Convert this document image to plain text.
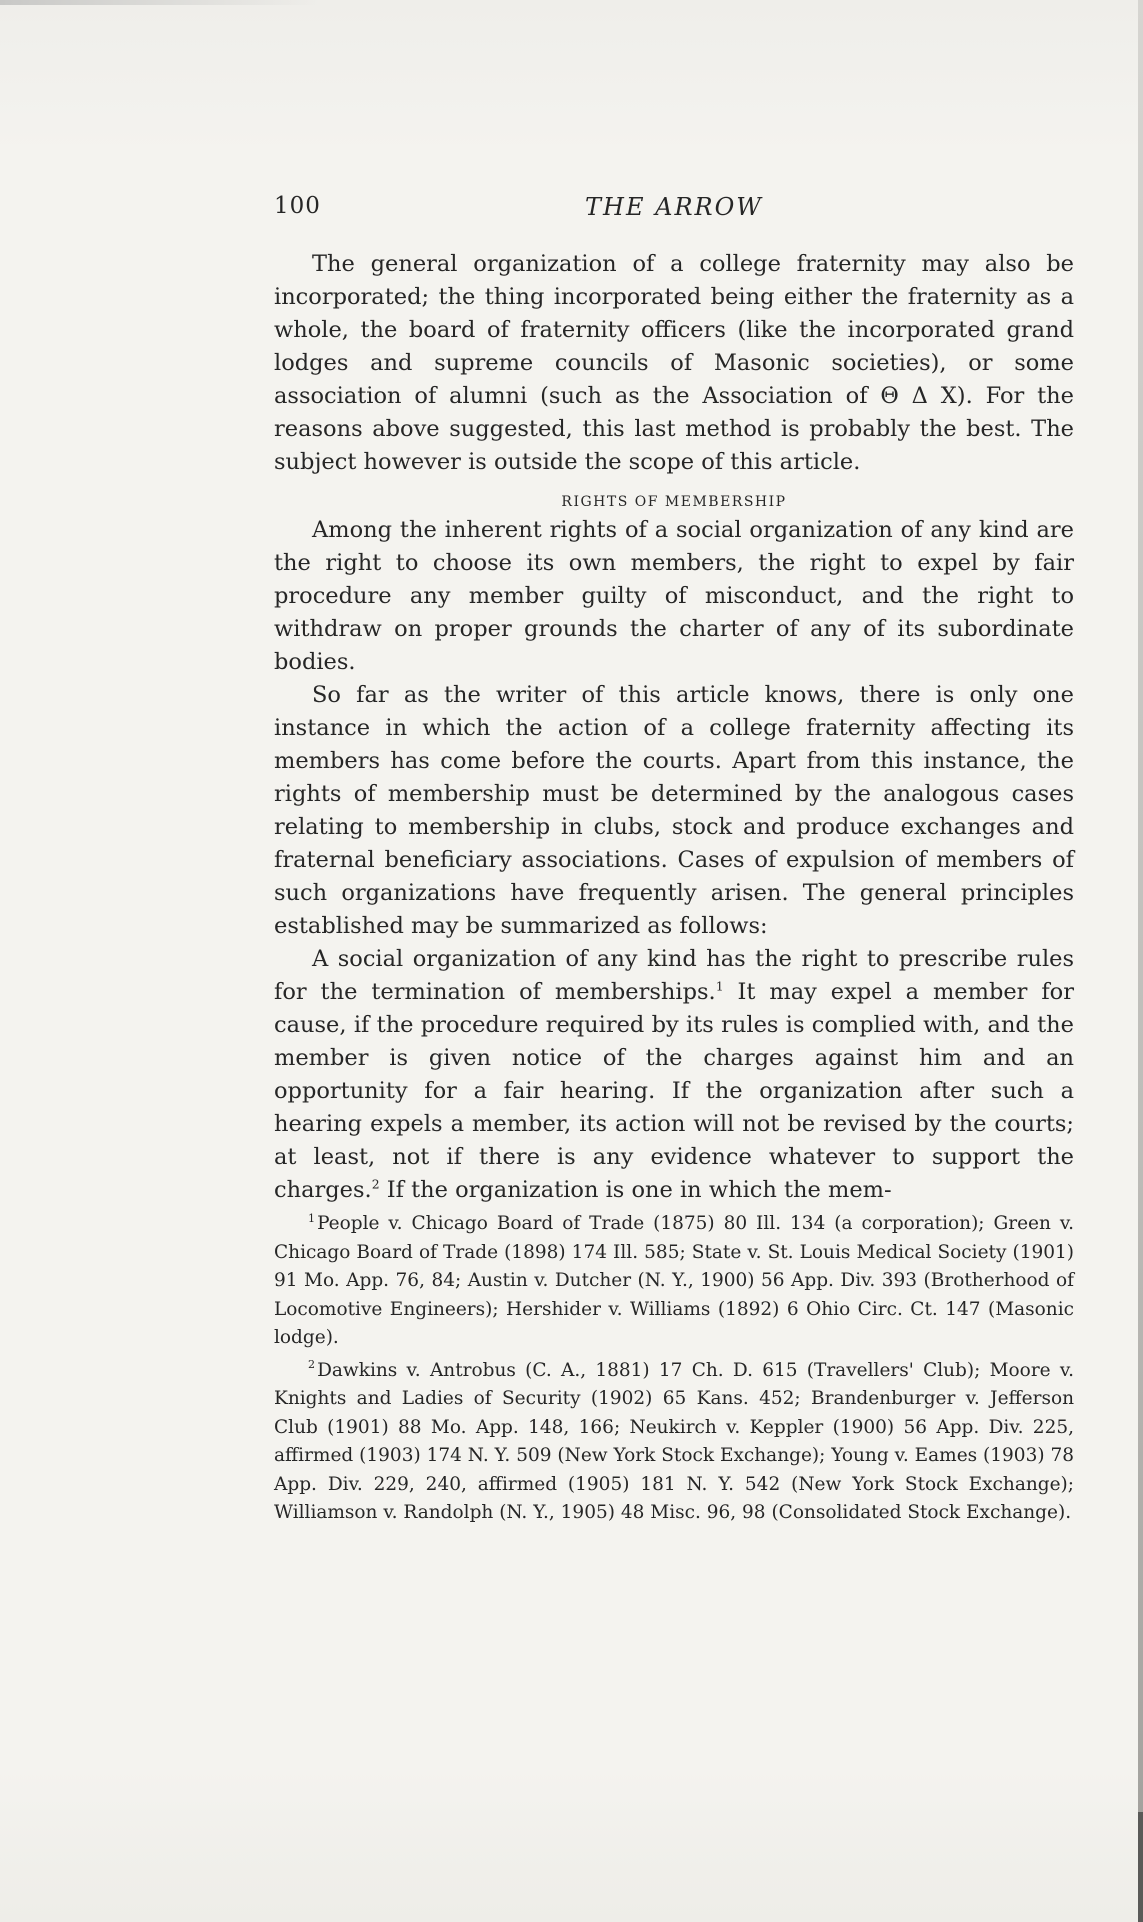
100	THE ARROW

The general organization of a college fraternity may also be incorporated; the thing incorporated being either the fraternity as a whole, the board of fraternity officers (like the incorporated grand lodges and supreme councils of Masonic societies), or some association of alumni (such as the Association of Θ Δ Χ). For the reasons above suggested, this last method is probably the best. The subject however is outside the scope of this article.

RIGHTS OF MEMBERSHIP

Among the inherent rights of a social organization of any kind are the right to choose its own members, the right to expel by fair procedure any member guilty of misconduct, and the right to withdraw on proper grounds the charter of any of its subordinate bodies.

So far as the writer of this article knows, there is only one instance in which the action of a college fraternity affecting its members has come before the courts. Apart from this instance, the rights of membership must be determined by the analogous cases relating to membership in clubs, stock and produce exchanges and fraternal beneficiary associations. Cases of expulsion of members of such organizations have frequently arisen. The general principles established may be summarized as follows:

A social organization of any kind has the right to prescribe rules for the termination of memberships.$^1$ It may expel a member for cause, if the procedure required by its rules is complied with, and the member is given notice of the charges against him and an opportunity for a fair hearing. If the organization after such a hearing expels a member, its action will not be revised by the courts; at least, not if there is any evidence whatever to support the charges.$^2$ If the organization is one in which the mem-

$^1$ People v. Chicago Board of Trade (1875) 80 Ill. 134 (a corporation); Green v. Chicago Board of Trade (1898) 174 Ill. 585; State v. St. Louis Medical Society (1901) 91 Mo. App. 76, 84; Austin v. Dutcher (N. Y., 1900) 56 App. Div. 393 (Brotherhood of Locomotive Engineers); Hershider v. Williams (1892) 6 Ohio Circ. Ct. 147 (Masonic lodge).

$^2$ Dawkins v. Antrobus (C. A., 1881) 17 Ch. D. 615 (Travellers' Club); Moore v. Knights and Ladies of Security (1902) 65 Kans. 452; Brandenburger v. Jefferson Club (1901) 88 Mo. App. 148, 166; Neukirch v. Keppler (1900) 56 App. Div. 225, affirmed (1903) 174 N. Y. 509 (New York Stock Exchange); Young v. Eames (1903) 78 App. Div. 229, 240, affirmed (1905) 181 N. Y. 542 (New York Stock Exchange); Williamson v. Randolph (N. Y., 1905) 48 Misc. 96, 98 (Consolidated Stock Exchange).
